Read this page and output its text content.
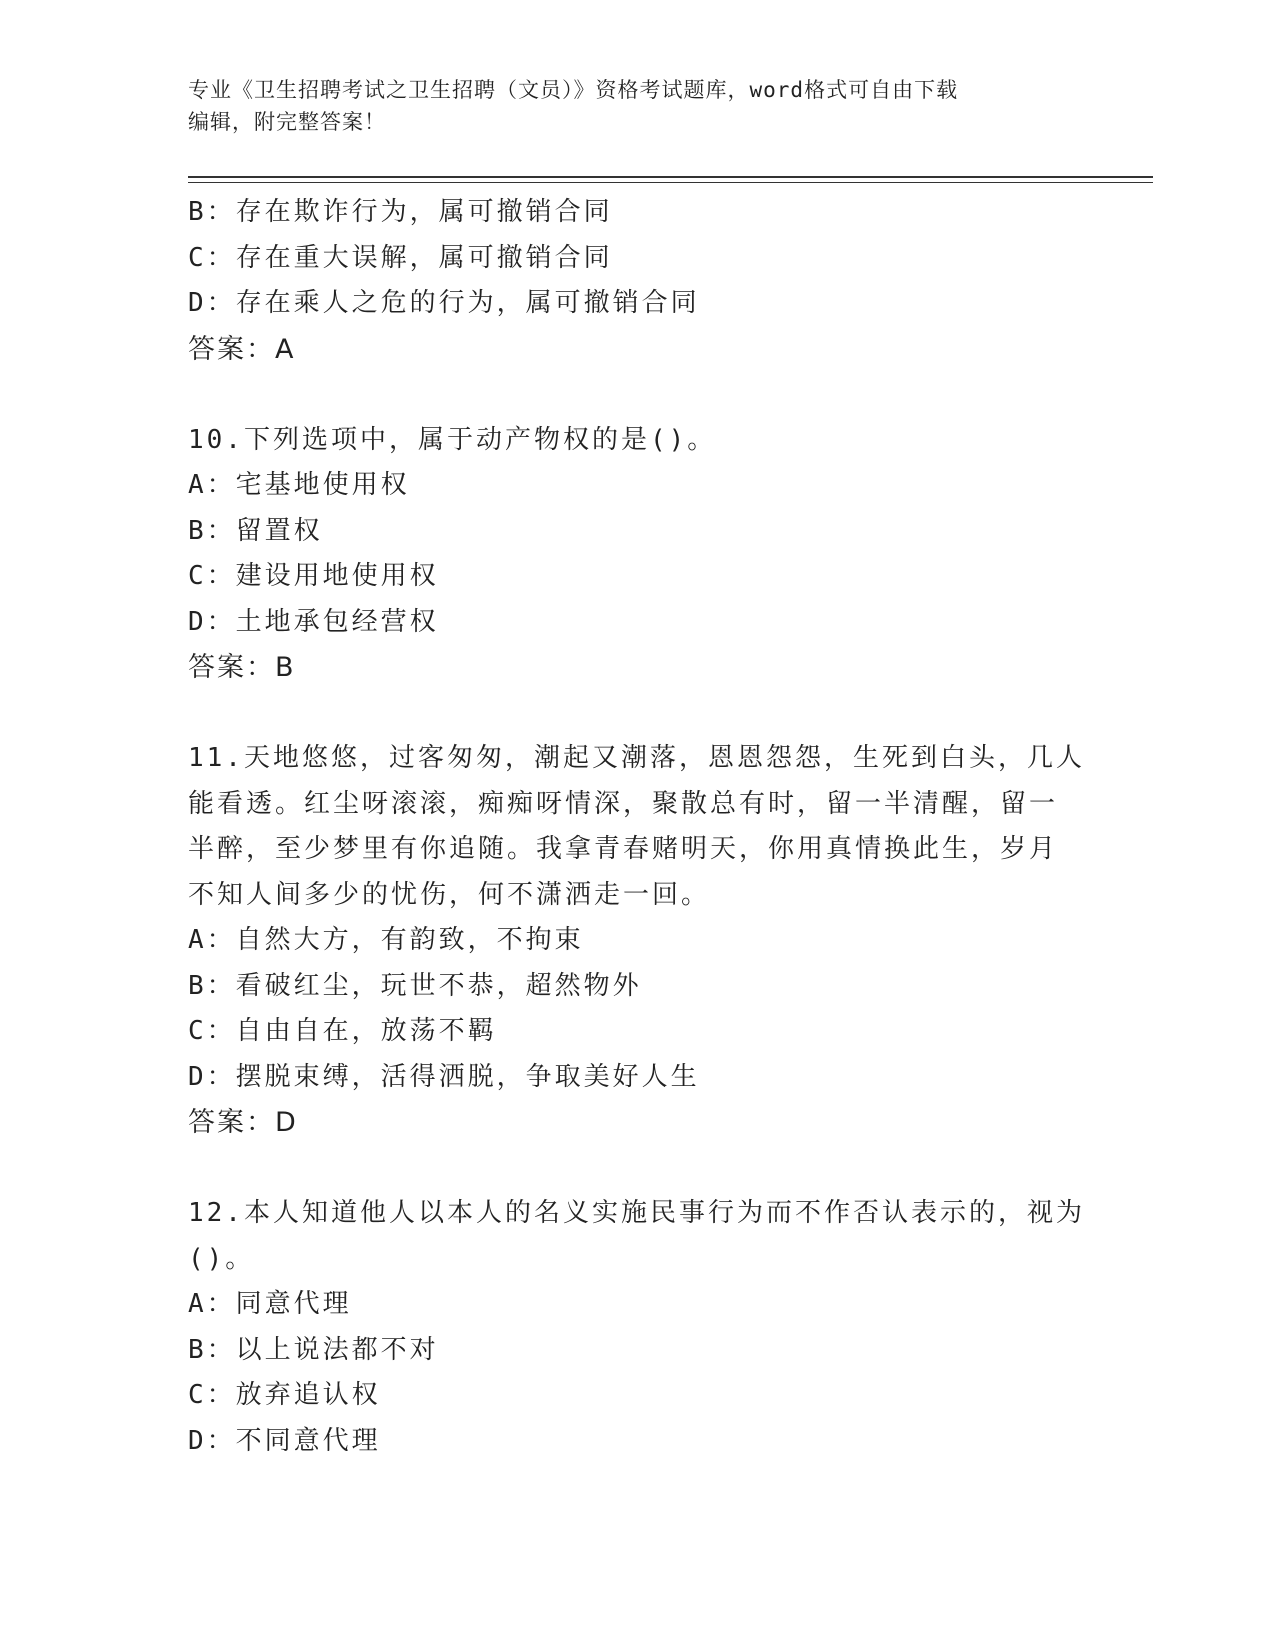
专业《卫生招聘考试之卫生招聘（文员）》资格考试题库，word格式可自由下载
编辑，附完整答案！
B：存在欺诈行为，属可撤销合同
C：存在重大误解，属可撤销合同
D：存在乘人之危的行为，属可撤销合同
答案：A
10.下列选项中，属于动产物权的是()。
A：宅基地使用权
B：留置权
C：建设用地使用权
D：土地承包经营权
答案：B
11.天地悠悠，过客匆匆，潮起又潮落，恩恩怨怨，生死到白头，几人
能看透。红尘呀滚滚，痴痴呀情深，聚散总有时，留一半清醒，留一
半醉，至少梦里有你追随。我拿青春赌明天，你用真情换此生，岁月
不知人间多少的忧伤，何不潇洒走一回。
A：自然大方，有韵致，不拘束
B：看破红尘，玩世不恭，超然物外
C：自由自在，放荡不羁
D：摆脱束缚，活得洒脱，争取美好人生
答案：D
12.本人知道他人以本人的名义实施民事行为而不作否认表示的，视为
()。
A：同意代理
B：以上说法都不对
C：放弃追认权
D：不同意代理
